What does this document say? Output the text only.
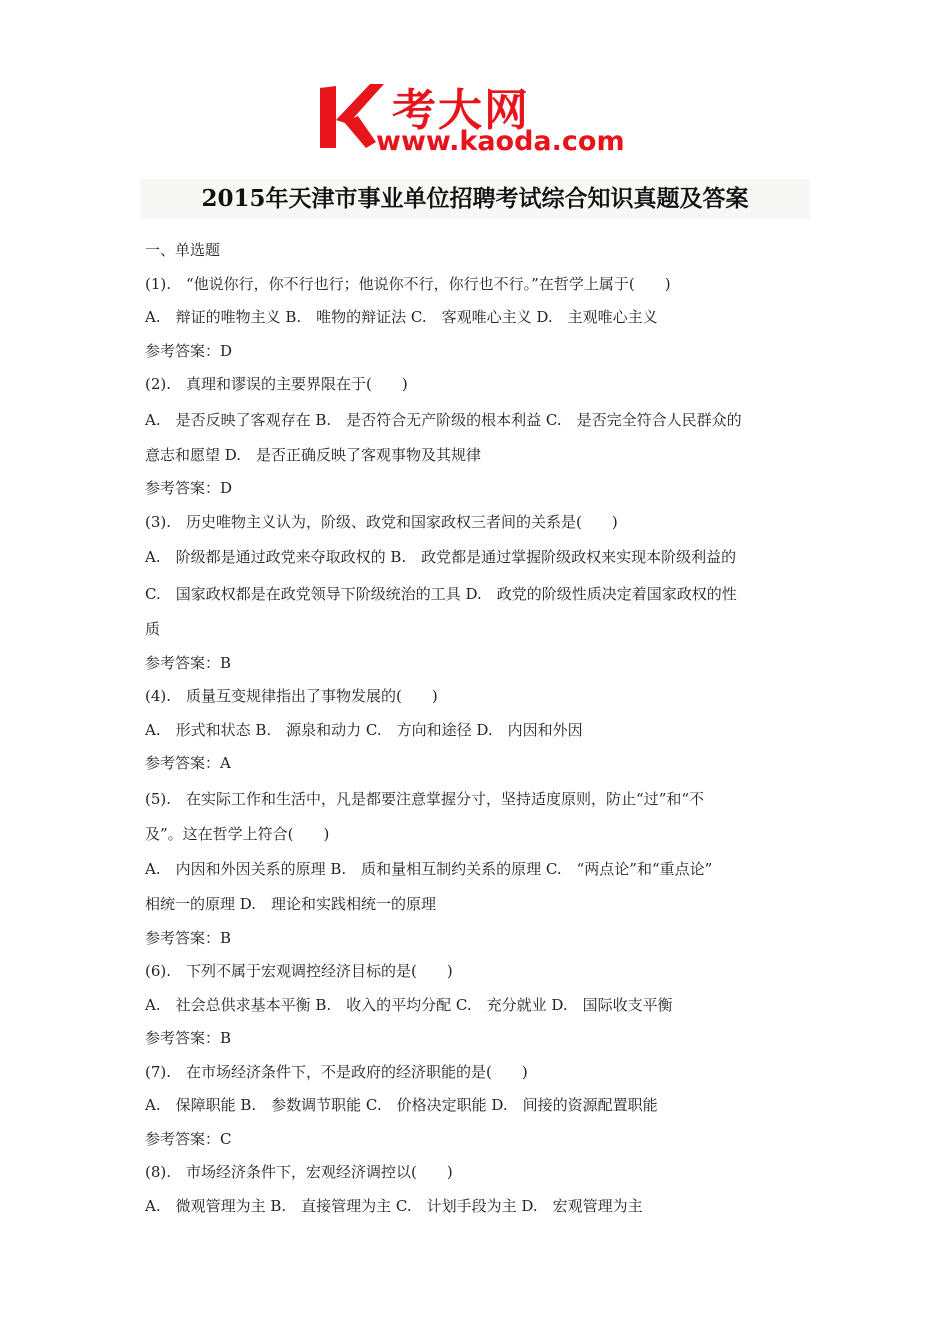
考大网
www.kaoda.com
2015年天津市事业单位招聘考试综合知识真题及答案
一、单选题
(1).　“他说你行，你不行也行；他说你不行，你行也不行。”在哲学上属于(　　)
A.　辩证的唯物主义 B.　唯物的辩证法 C.　客观唯心主义 D.　主观唯心主义
参考答案：D
(2).　真理和谬误的主要界限在于(　　)
A.　是否反映了客观存在 B.　是否符合无产阶级的根本利益 C.　是否完全符合人民群众的
意志和愿望 D.　是否正确反映了客观事物及其规律
参考答案：D
(3).　历史唯物主义认为，阶级、政党和国家政权三者间的关系是(　　)
A.　阶级都是通过政党来夺取政权的 B.　政党都是通过掌握阶级政权来实现本阶级利益的
C.　国家政权都是在政党领导下阶级统治的工具 D.　政党的阶级性质决定着国家政权的性
质
参考答案：B
(4).　质量互变规律指出了事物发展的(　　)
A.　形式和状态 B.　源泉和动力 C.　方向和途径 D.　内因和外因
参考答案：A
(5).　在实际工作和生活中，凡是都要注意掌握分寸，坚持适度原则，防止“过”和“不
及”。这在哲学上符合(　　)
A.　内因和外因关系的原理 B.　质和量相互制约关系的原理 C.　“两点论”和“重点论”
相统一的原理 D.　理论和实践相统一的原理
参考答案：B
(6).　下列不属于宏观调控经济目标的是(　　)
A.　社会总供求基本平衡 B.　收入的平均分配 C.　充分就业 D.　国际收支平衡
参考答案：B
(7).　在市场经济条件下，不是政府的经济职能的是(　　)
A.　保障职能 B.　参数调节职能 C.　价格决定职能 D.　间接的资源配置职能
参考答案：C
(8).　市场经济条件下，宏观经济调控以(　　)
A.　微观管理为主 B.　直接管理为主 C.　计划手段为主 D.　宏观管理为主
